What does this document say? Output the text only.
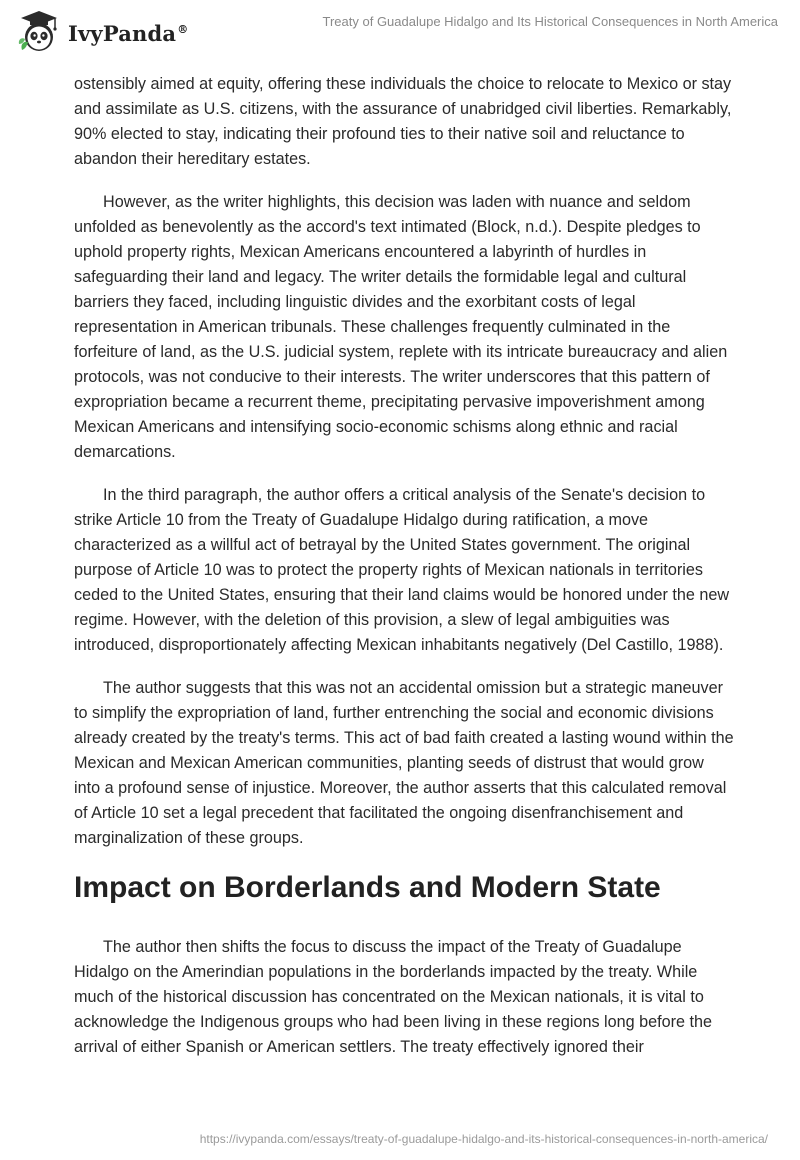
IvyPanda®	Treaty of Guadalupe Hidalgo and Its Historical Consequences in North America

ostensibly aimed at equity, offering these individuals the choice to relocate to Mexico or stay and assimilate as U.S. citizens, with the assurance of unabridged civil liberties. Remarkably, 90% elected to stay, indicating their profound ties to their native soil and reluctance to abandon their hereditary estates.

However, as the writer highlights, this decision was laden with nuance and seldom unfolded as benevolently as the accord's text intimated (Block, n.d.). Despite pledges to uphold property rights, Mexican Americans encountered a labyrinth of hurdles in safeguarding their land and legacy. The writer details the formidable legal and cultural barriers they faced, including linguistic divides and the exorbitant costs of legal representation in American tribunals. These challenges frequently culminated in the forfeiture of land, as the U.S. judicial system, replete with its intricate bureaucracy and alien protocols, was not conducive to their interests. The writer underscores that this pattern of expropriation became a recurrent theme, precipitating pervasive impoverishment among Mexican Americans and intensifying socio-economic schisms along ethnic and racial demarcations.

In the third paragraph, the author offers a critical analysis of the Senate's decision to strike Article 10 from the Treaty of Guadalupe Hidalgo during ratification, a move characterized as a willful act of betrayal by the United States government. The original purpose of Article 10 was to protect the property rights of Mexican nationals in territories ceded to the United States, ensuring that their land claims would be honored under the new regime. However, with the deletion of this provision, a slew of legal ambiguities was introduced, disproportionately affecting Mexican inhabitants negatively (Del Castillo, 1988).

The author suggests that this was not an accidental omission but a strategic maneuver to simplify the expropriation of land, further entrenching the social and economic divisions already created by the treaty's terms. This act of bad faith created a lasting wound within the Mexican and Mexican American communities, planting seeds of distrust that would grow into a profound sense of injustice. Moreover, the author asserts that this calculated removal of Article 10 set a legal precedent that facilitated the ongoing disenfranchisement and marginalization of these groups.

Impact on Borderlands and Modern State

The author then shifts the focus to discuss the impact of the Treaty of Guadalupe Hidalgo on the Amerindian populations in the borderlands impacted by the treaty. While much of the historical discussion has concentrated on the Mexican nationals, it is vital to acknowledge the Indigenous groups who had been living in these regions long before the arrival of either Spanish or American settlers. The treaty effectively ignored their

https://ivypanda.com/essays/treaty-of-guadalupe-hidalgo-and-its-historical-consequences-in-north-america/
